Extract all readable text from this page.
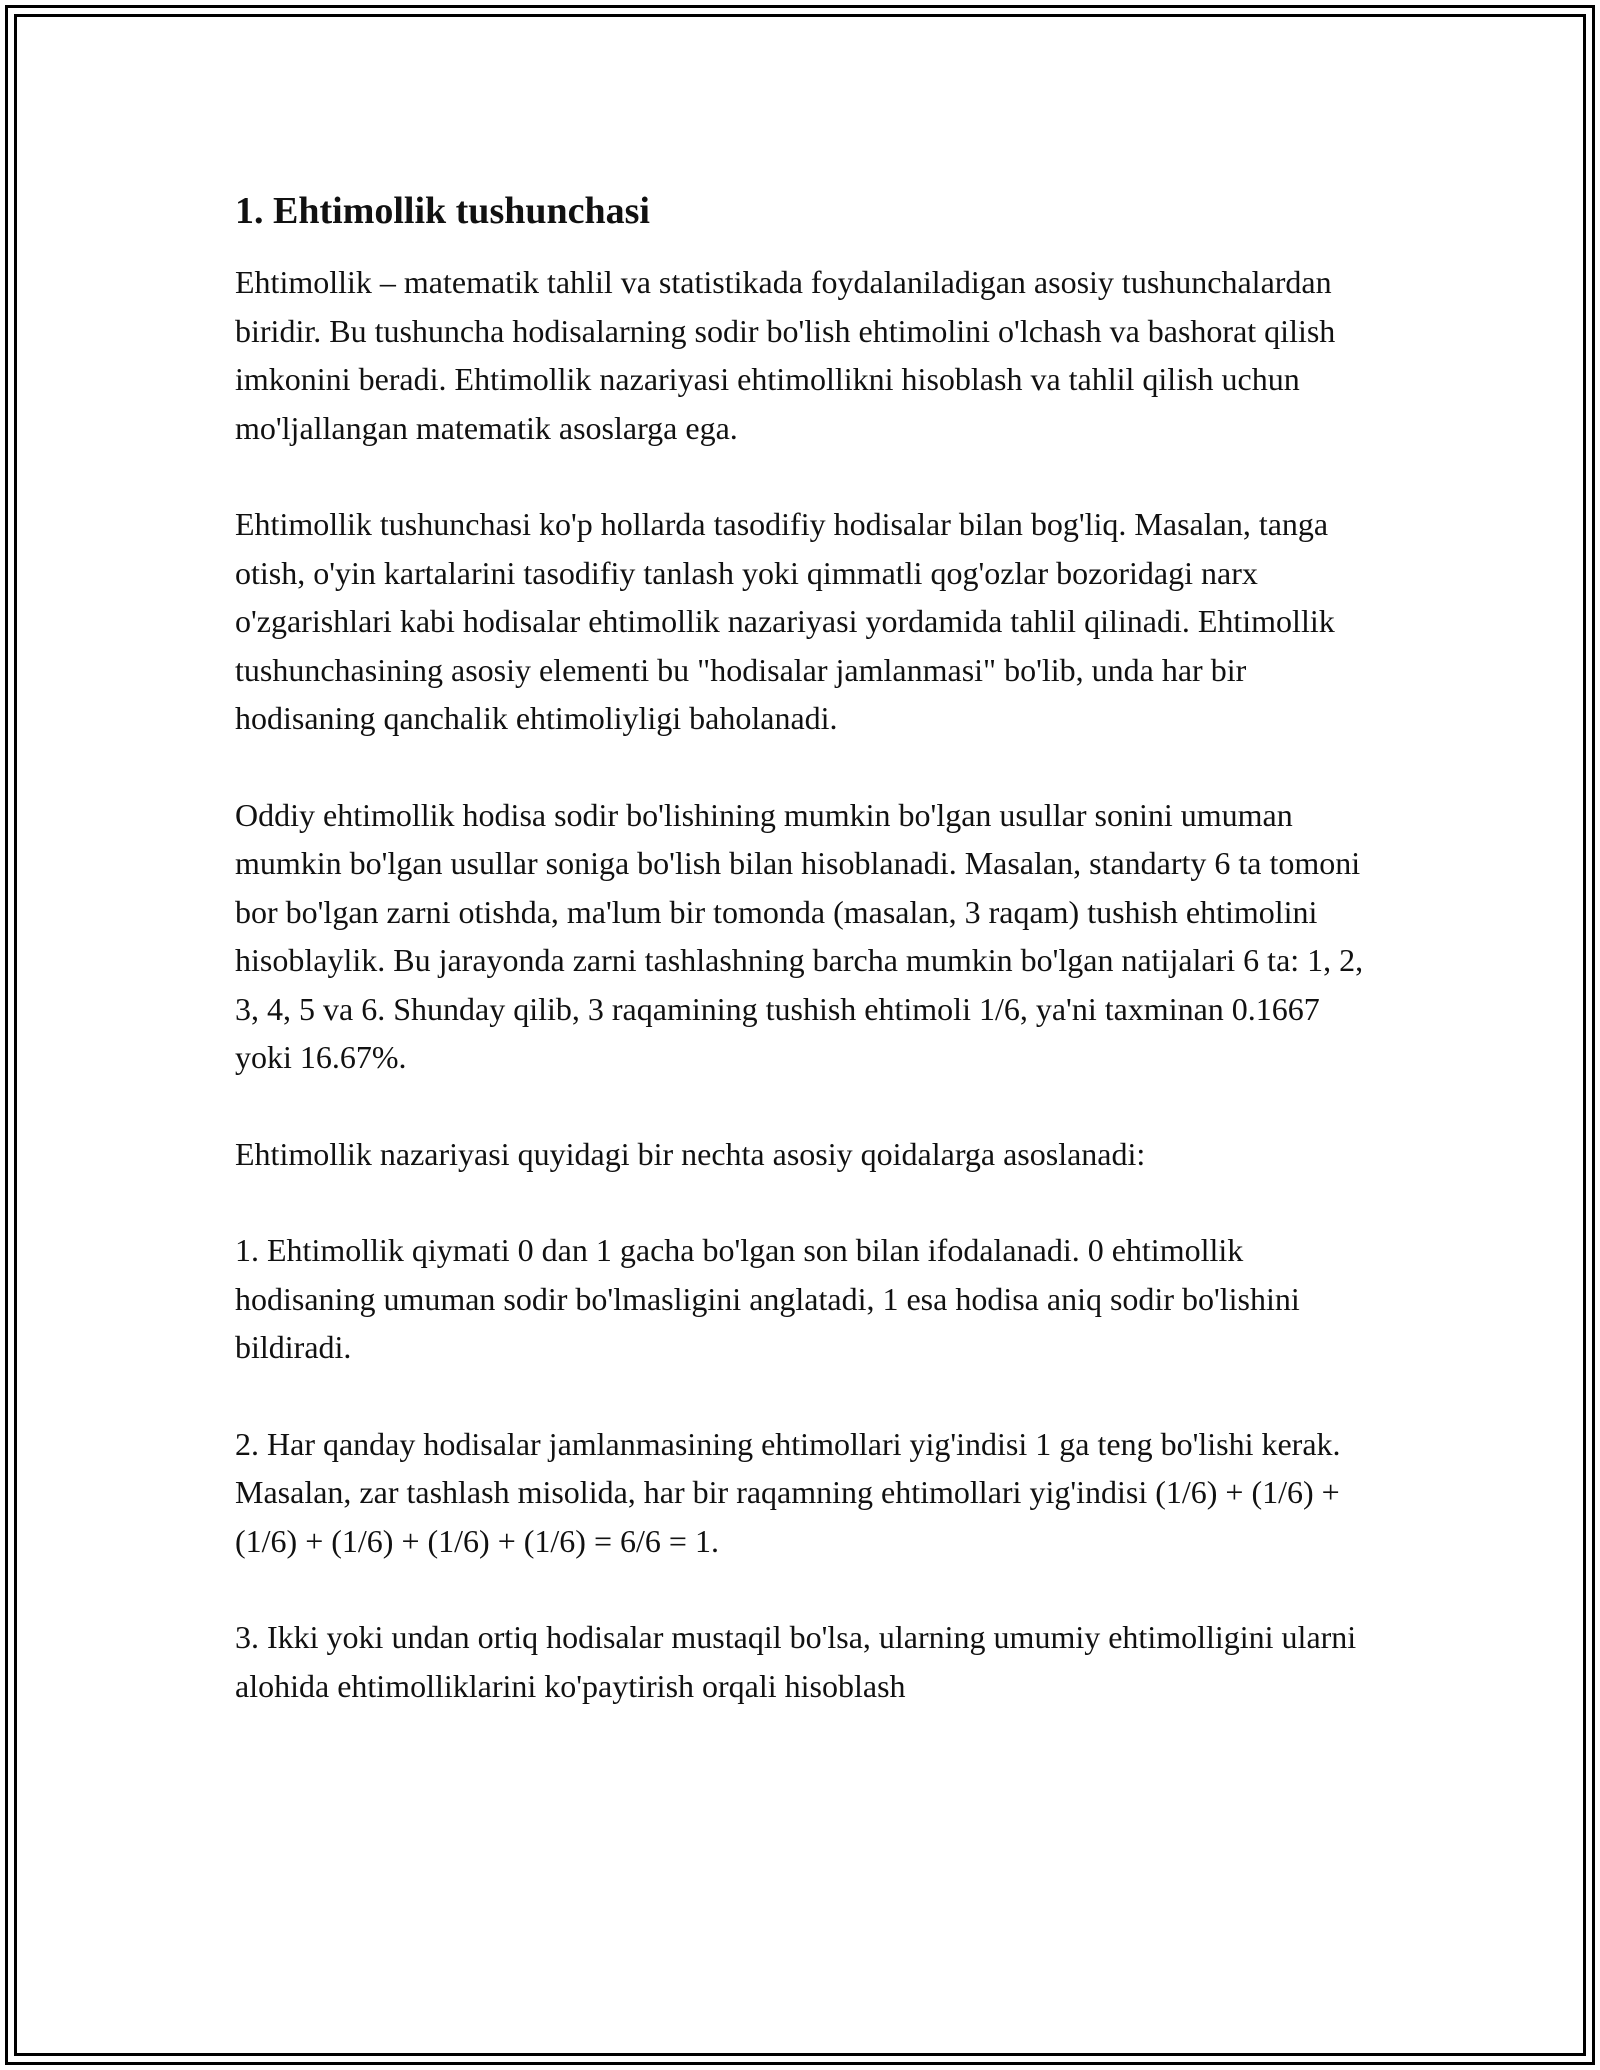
1. Ehtimollik tushunchasi

Ehtimollik – matematik tahlil va statistikada foydalaniladigan asosiy tushunchalardan biridir. Bu tushuncha hodisalarning sodir bo'lish ehtimolini o'lchash va bashorat qilish imkonini beradi. Ehtimollik nazariyasi ehtimollikni hisoblash va tahlil qilish uchun mo'ljallangan matematik asoslarga ega.

Ehtimollik tushunchasi ko'p hollarda tasodifiy hodisalar bilan bog'liq. Masalan, tanga otish, o'yin kartalarini tasodifiy tanlash yoki qimmatli qog'ozlar bozoridagi narx o'zgarishlari kabi hodisalar ehtimollik nazariyasi yordamida tahlil qilinadi. Ehtimollik tushunchasining asosiy elementi bu "hodisalar jamlanmasi" bo'lib, unda har bir hodisaning qanchalik ehtimoliyligi baholanadi.

Oddiy ehtimollik hodisa sodir bo'lishining mumkin bo'lgan usullar sonini umuman mumkin bo'lgan usullar soniga bo'lish bilan hisoblanadi. Masalan, standarty 6 ta tomoni bor bo'lgan zarni otishda, ma'lum bir tomonda (masalan, 3 raqam) tushish ehtimolini hisoblaylik. Bu jarayonda zarni tashlashning barcha mumkin bo'lgan natijalari 6 ta: 1, 2, 3, 4, 5 va 6. Shunday qilib, 3 raqamining tushish ehtimoli 1/6, ya'ni taxminan 0.1667 yoki 16.67%.

Ehtimollik nazariyasi quyidagi bir nechta asosiy qoidalarga asoslanadi:

1. Ehtimollik qiymati 0 dan 1 gacha bo'lgan son bilan ifodalanadi. 0 ehtimollik hodisaning umuman sodir bo'lmasligini anglatadi, 1 esa hodisa aniq sodir bo'lishini bildiradi.

2. Har qanday hodisalar jamlanmasining ehtimollari yig'indisi 1 ga teng bo'lishi kerak. Masalan, zar tashlash misolida, har bir raqamning ehtimollari yig'indisi (1/6) + (1/6) + (1/6) + (1/6) + (1/6) + (1/6) = 6/6 = 1.

3. Ikki yoki undan ortiq hodisalar mustaqil bo'lsa, ularning umumiy ehtimolligini ularni alohida ehtimolliklarini ko'paytirish orqali hisoblash
